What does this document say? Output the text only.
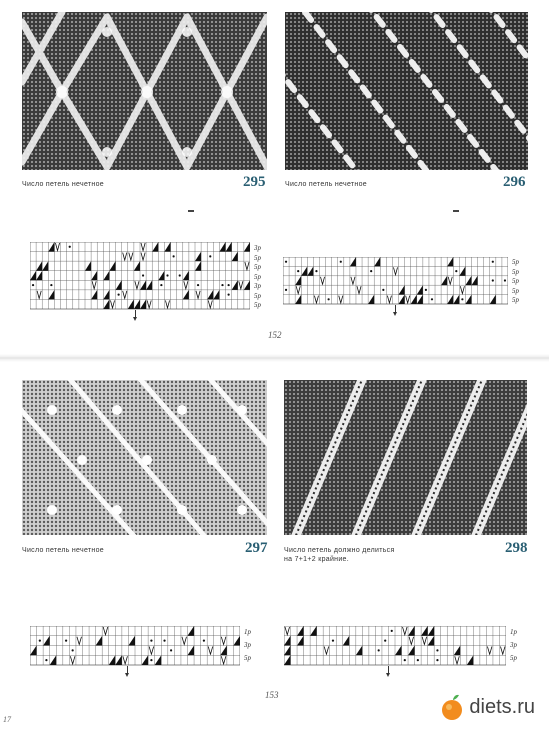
Число петель нечетное	295	Число петель нечетное	296
3р
5р
5р
5р
3р
5р
5р
5р
5р
5р
5р
5р
152
Число петель нечетное	297 Число петель должно делиться
на 7+1+2 крайние.
298
1р
3р
5р
1р
3р
5р
153
17
diets.ru
